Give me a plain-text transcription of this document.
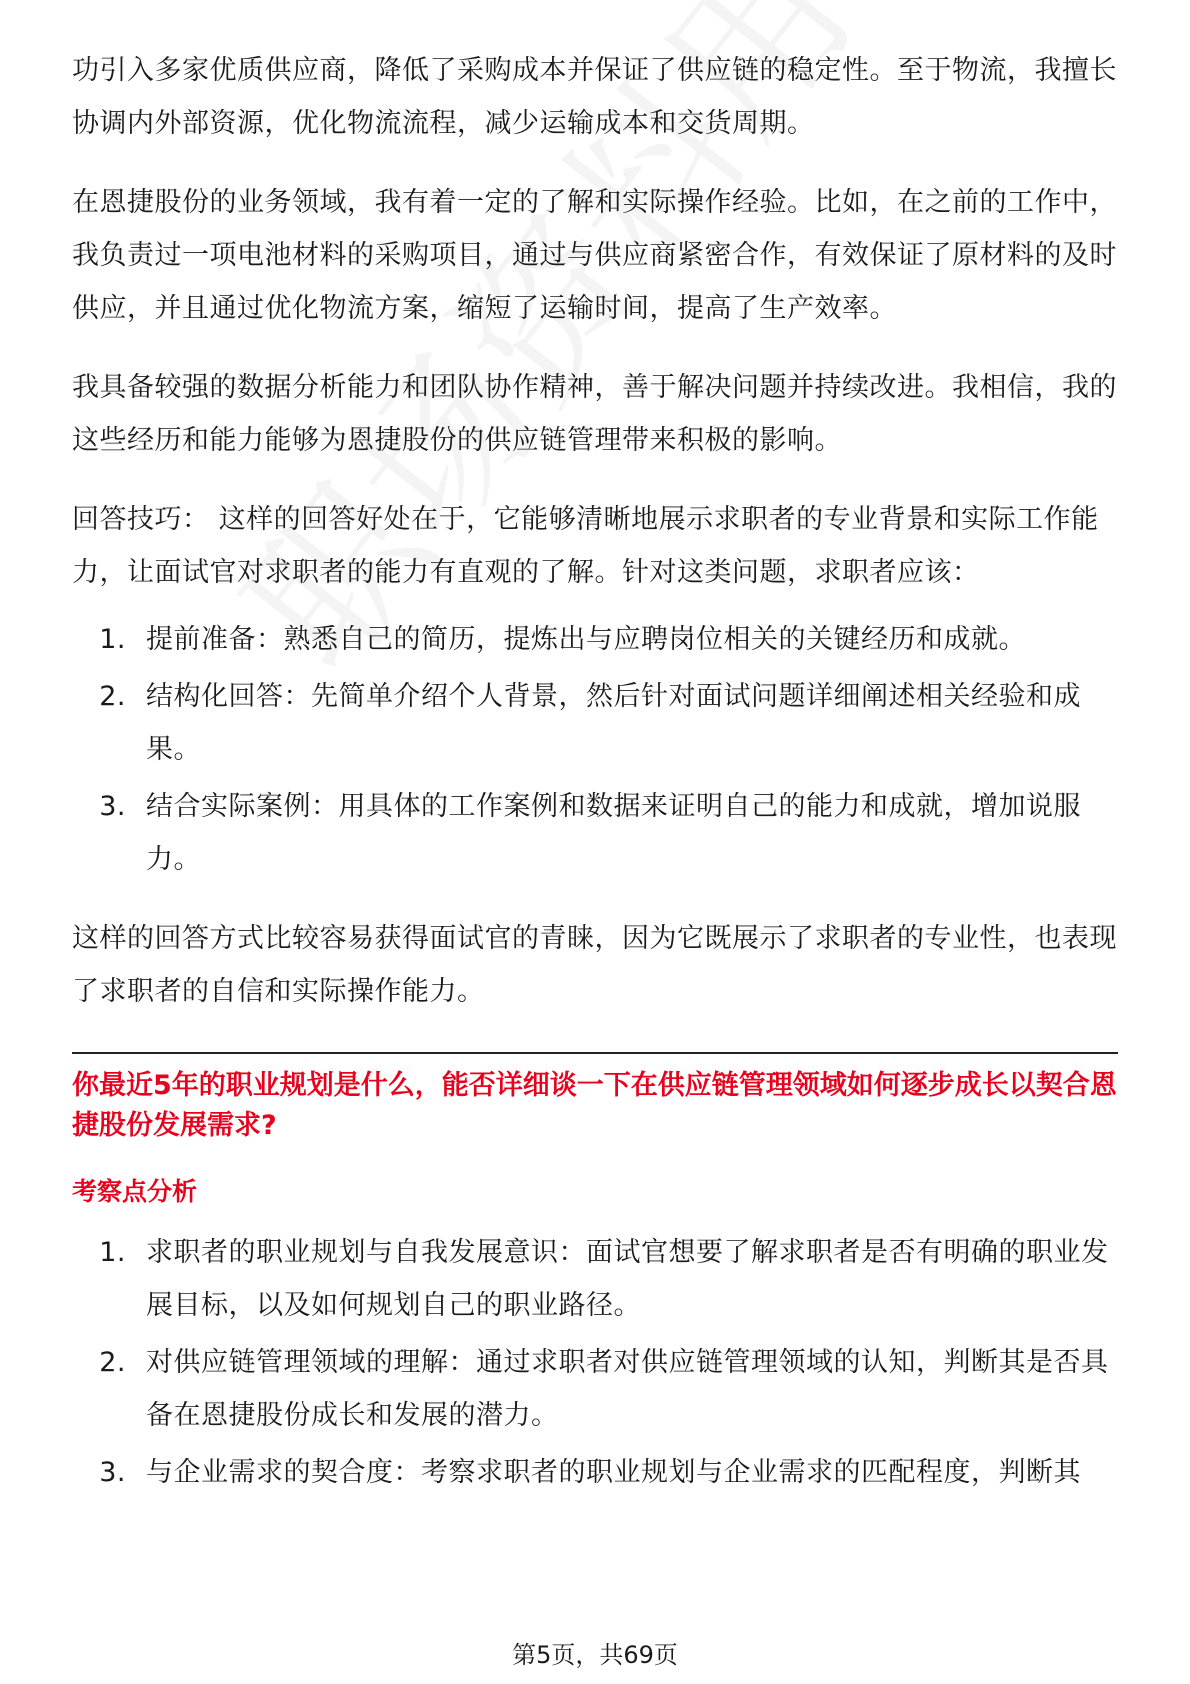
功引入多家优质供应商，降低了采购成本并保证了供应链的稳定性。至于物流，我擅长协调内外部资源，优化物流流程，减少运输成本和交货周期。

在恩捷股份的业务领域，我有着一定的了解和实际操作经验。比如，在之前的工作中，我负责过一项电池材料的采购项目，通过与供应商紧密合作，有效保证了原材料的及时供应，并且通过优化物流方案，缩短了运输时间，提高了生产效率。

我具备较强的数据分析能力和团队协作精神，善于解决问题并持续改进。我相信，我的这些经历和能力能够为恩捷股份的供应链管理带来积极的影响。

回答技巧： 这样的回答好处在于，它能够清晰地展示求职者的专业背景和实际工作能力，让面试官对求职者的能力有直观的了解。针对这类问题，求职者应该：

1. 提前准备：熟悉自己的简历，提炼出与应聘岗位相关的关键经历和成就。
2. 结构化回答：先简单介绍个人背景，然后针对面试问题详细阐述相关经验和成果。
3. 结合实际案例：用具体的工作案例和数据来证明自己的能力和成就，增加说服力。

这样的回答方式比较容易获得面试官的青睐，因为它既展示了求职者的专业性，也表现了求职者的自信和实际操作能力。

你最近5年的职业规划是什么，能否详细谈一下在供应链管理领域如何逐步成长以契合恩捷股份发展需求?

考察点分析

1. 求职者的职业规划与自我发展意识：面试官想要了解求职者是否有明确的职业发展目标，以及如何规划自己的职业路径。
2. 对供应链管理领域的理解：通过求职者对供应链管理领域的认知，判断其是否具备在恩捷股份成长和发展的潜力。
3. 与企业需求的契合度：考察求职者的职业规划与企业需求的匹配程度，判断其
第5页，共69页
